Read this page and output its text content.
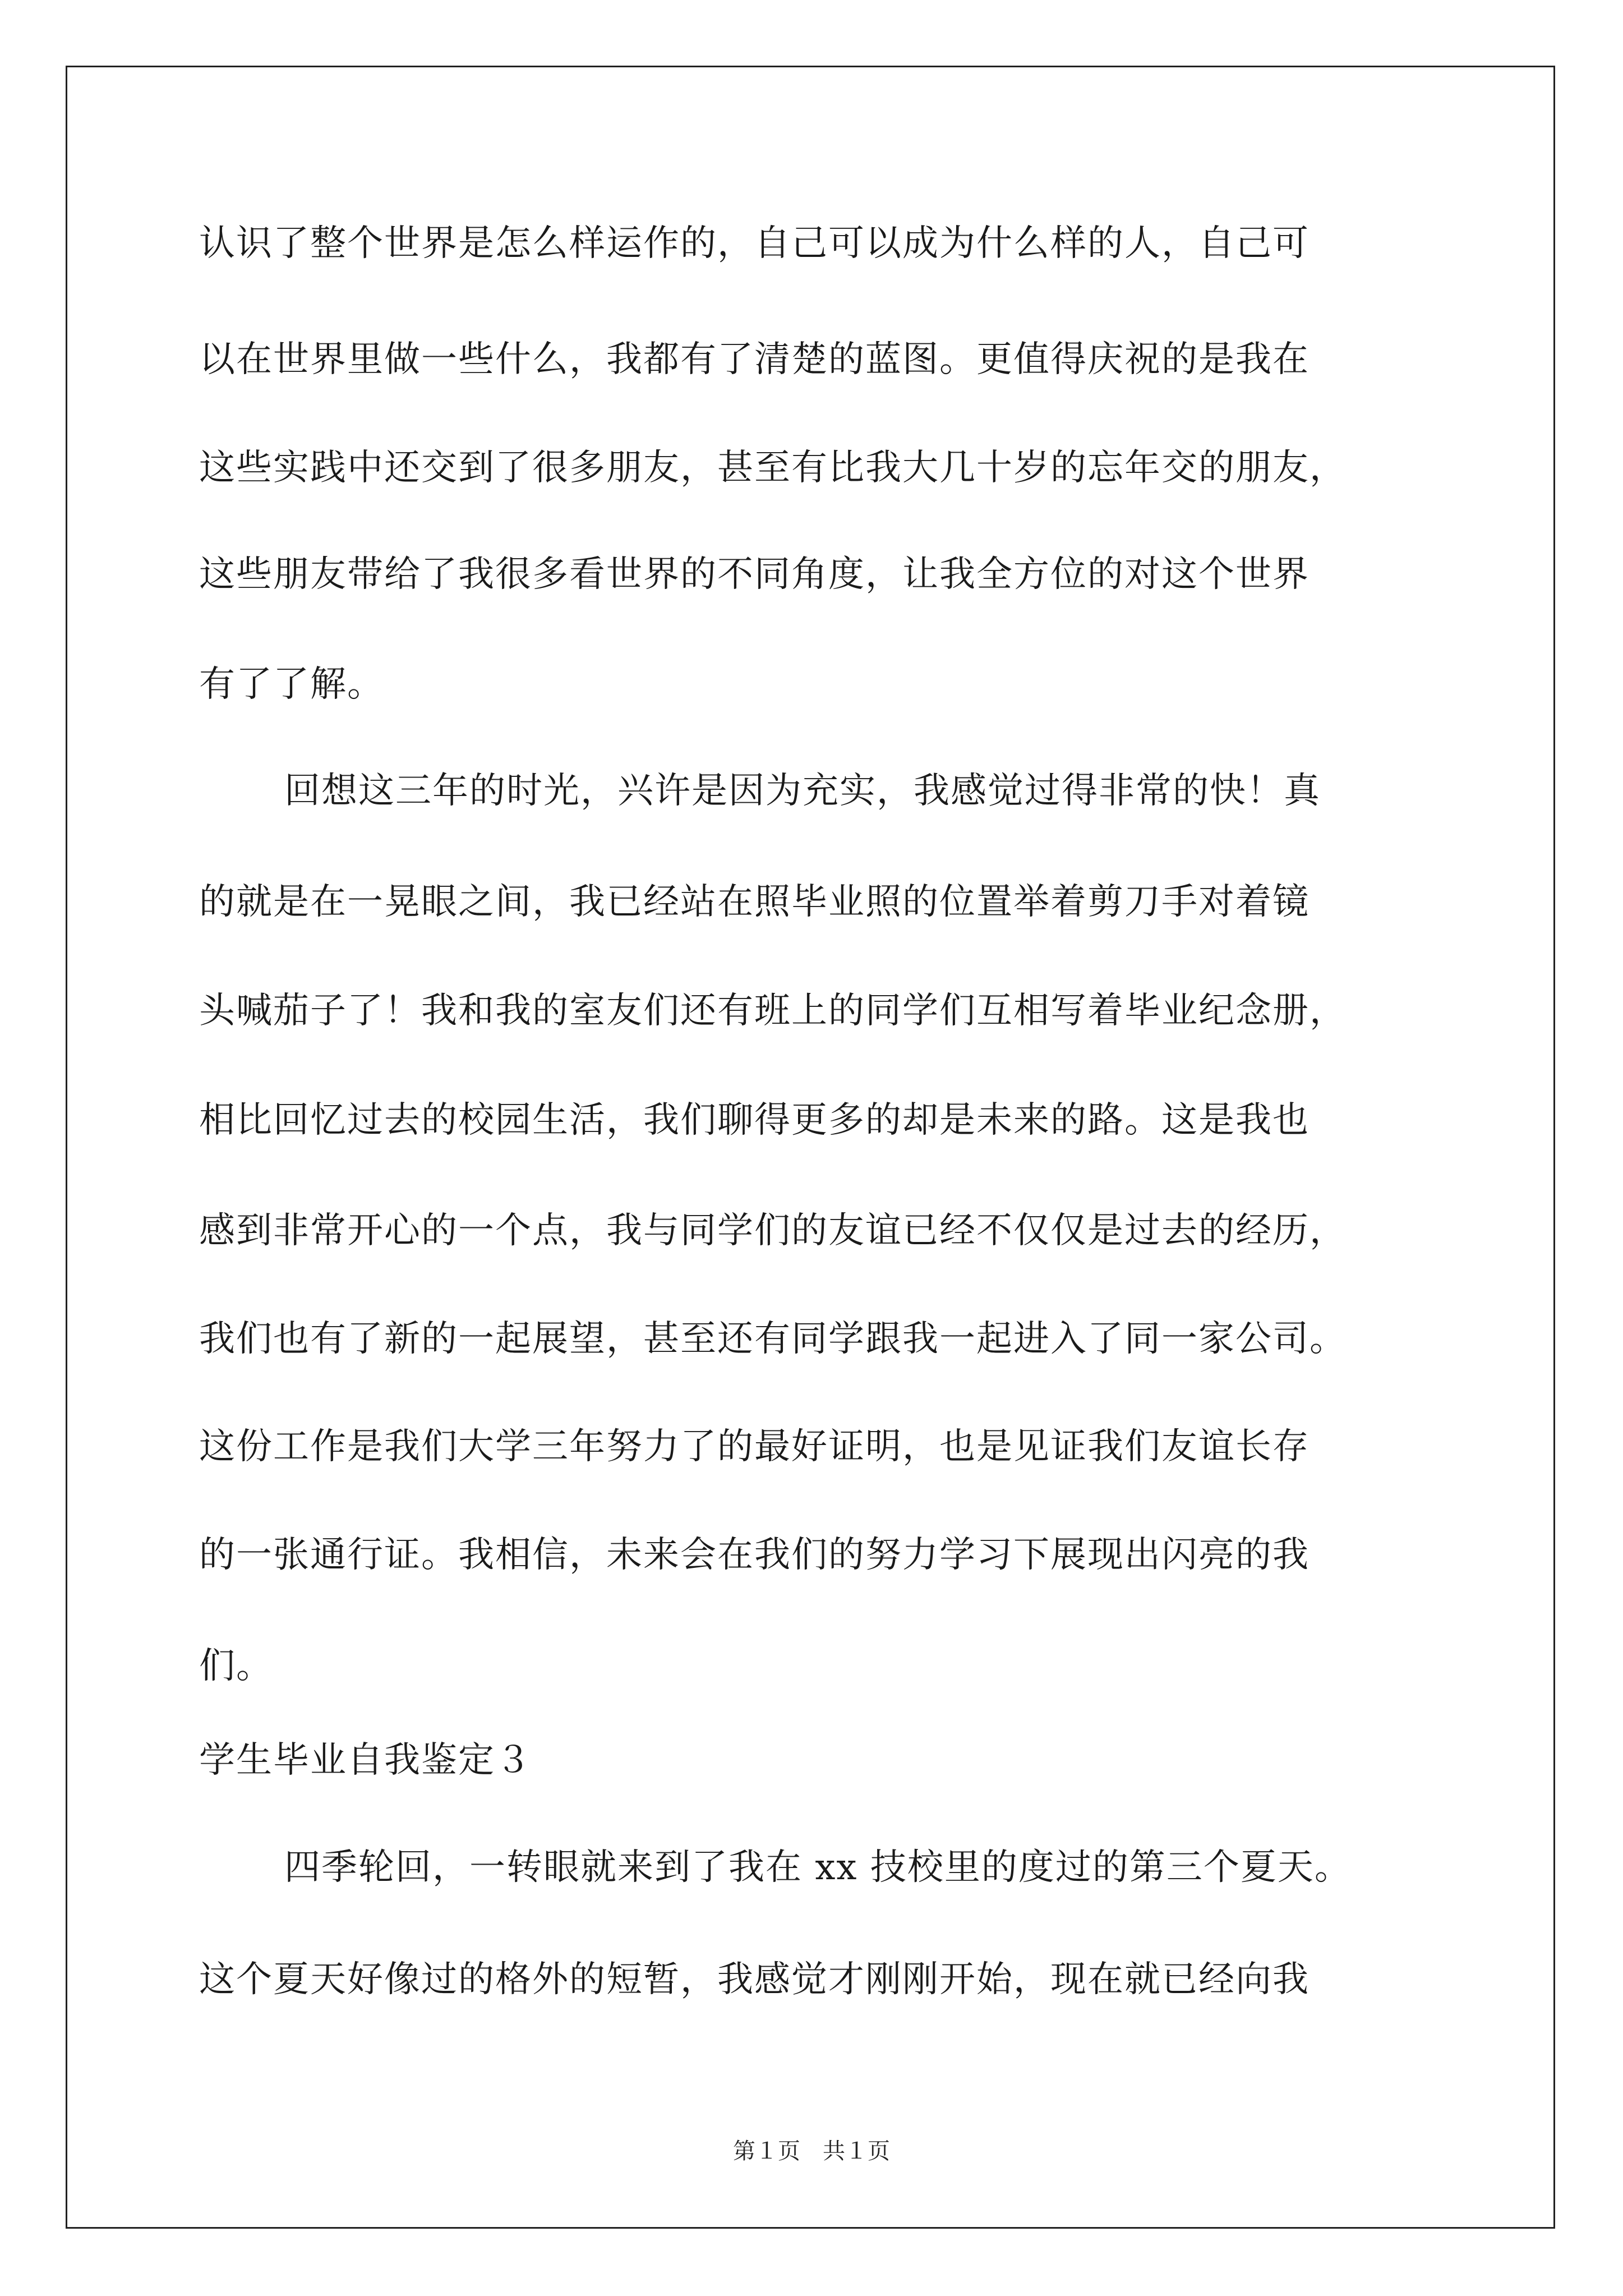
认识了整个世界是怎么样运作的，自己可以成为什么样的人，自己可
以在世界里做一些什么，我都有了清楚的蓝图。更值得庆祝的是我在
这些实践中还交到了很多朋友，甚至有比我大几十岁的忘年交的朋友，
这些朋友带给了我很多看世界的不同角度，让我全方位的对这个世界
有了了解。
回想这三年的时光，兴许是因为充实，我感觉过得非常的快！真
的就是在一晃眼之间，我已经站在照毕业照的位置举着剪刀手对着镜
头喊茄子了！我和我的室友们还有班上的同学们互相写着毕业纪念册，
相比回忆过去的校园生活，我们聊得更多的却是未来的路。这是我也
感到非常开心的一个点，我与同学们的友谊已经不仅仅是过去的经历，
我们也有了新的一起展望，甚至还有同学跟我一起进入了同一家公司。
这份工作是我们大学三年努力了的最好证明，也是见证我们友谊长存
的一张通行证。我相信，未来会在我们的努力学习下展现出闪亮的我
们。
学生毕业自我鉴定３
四季轮回，一转眼就来到了我在 xx 技校里的度过的第三个夏天。
这个夏天好像过的格外的短暂，我感觉才刚刚开始，现在就已经向我
第１页　共１页
